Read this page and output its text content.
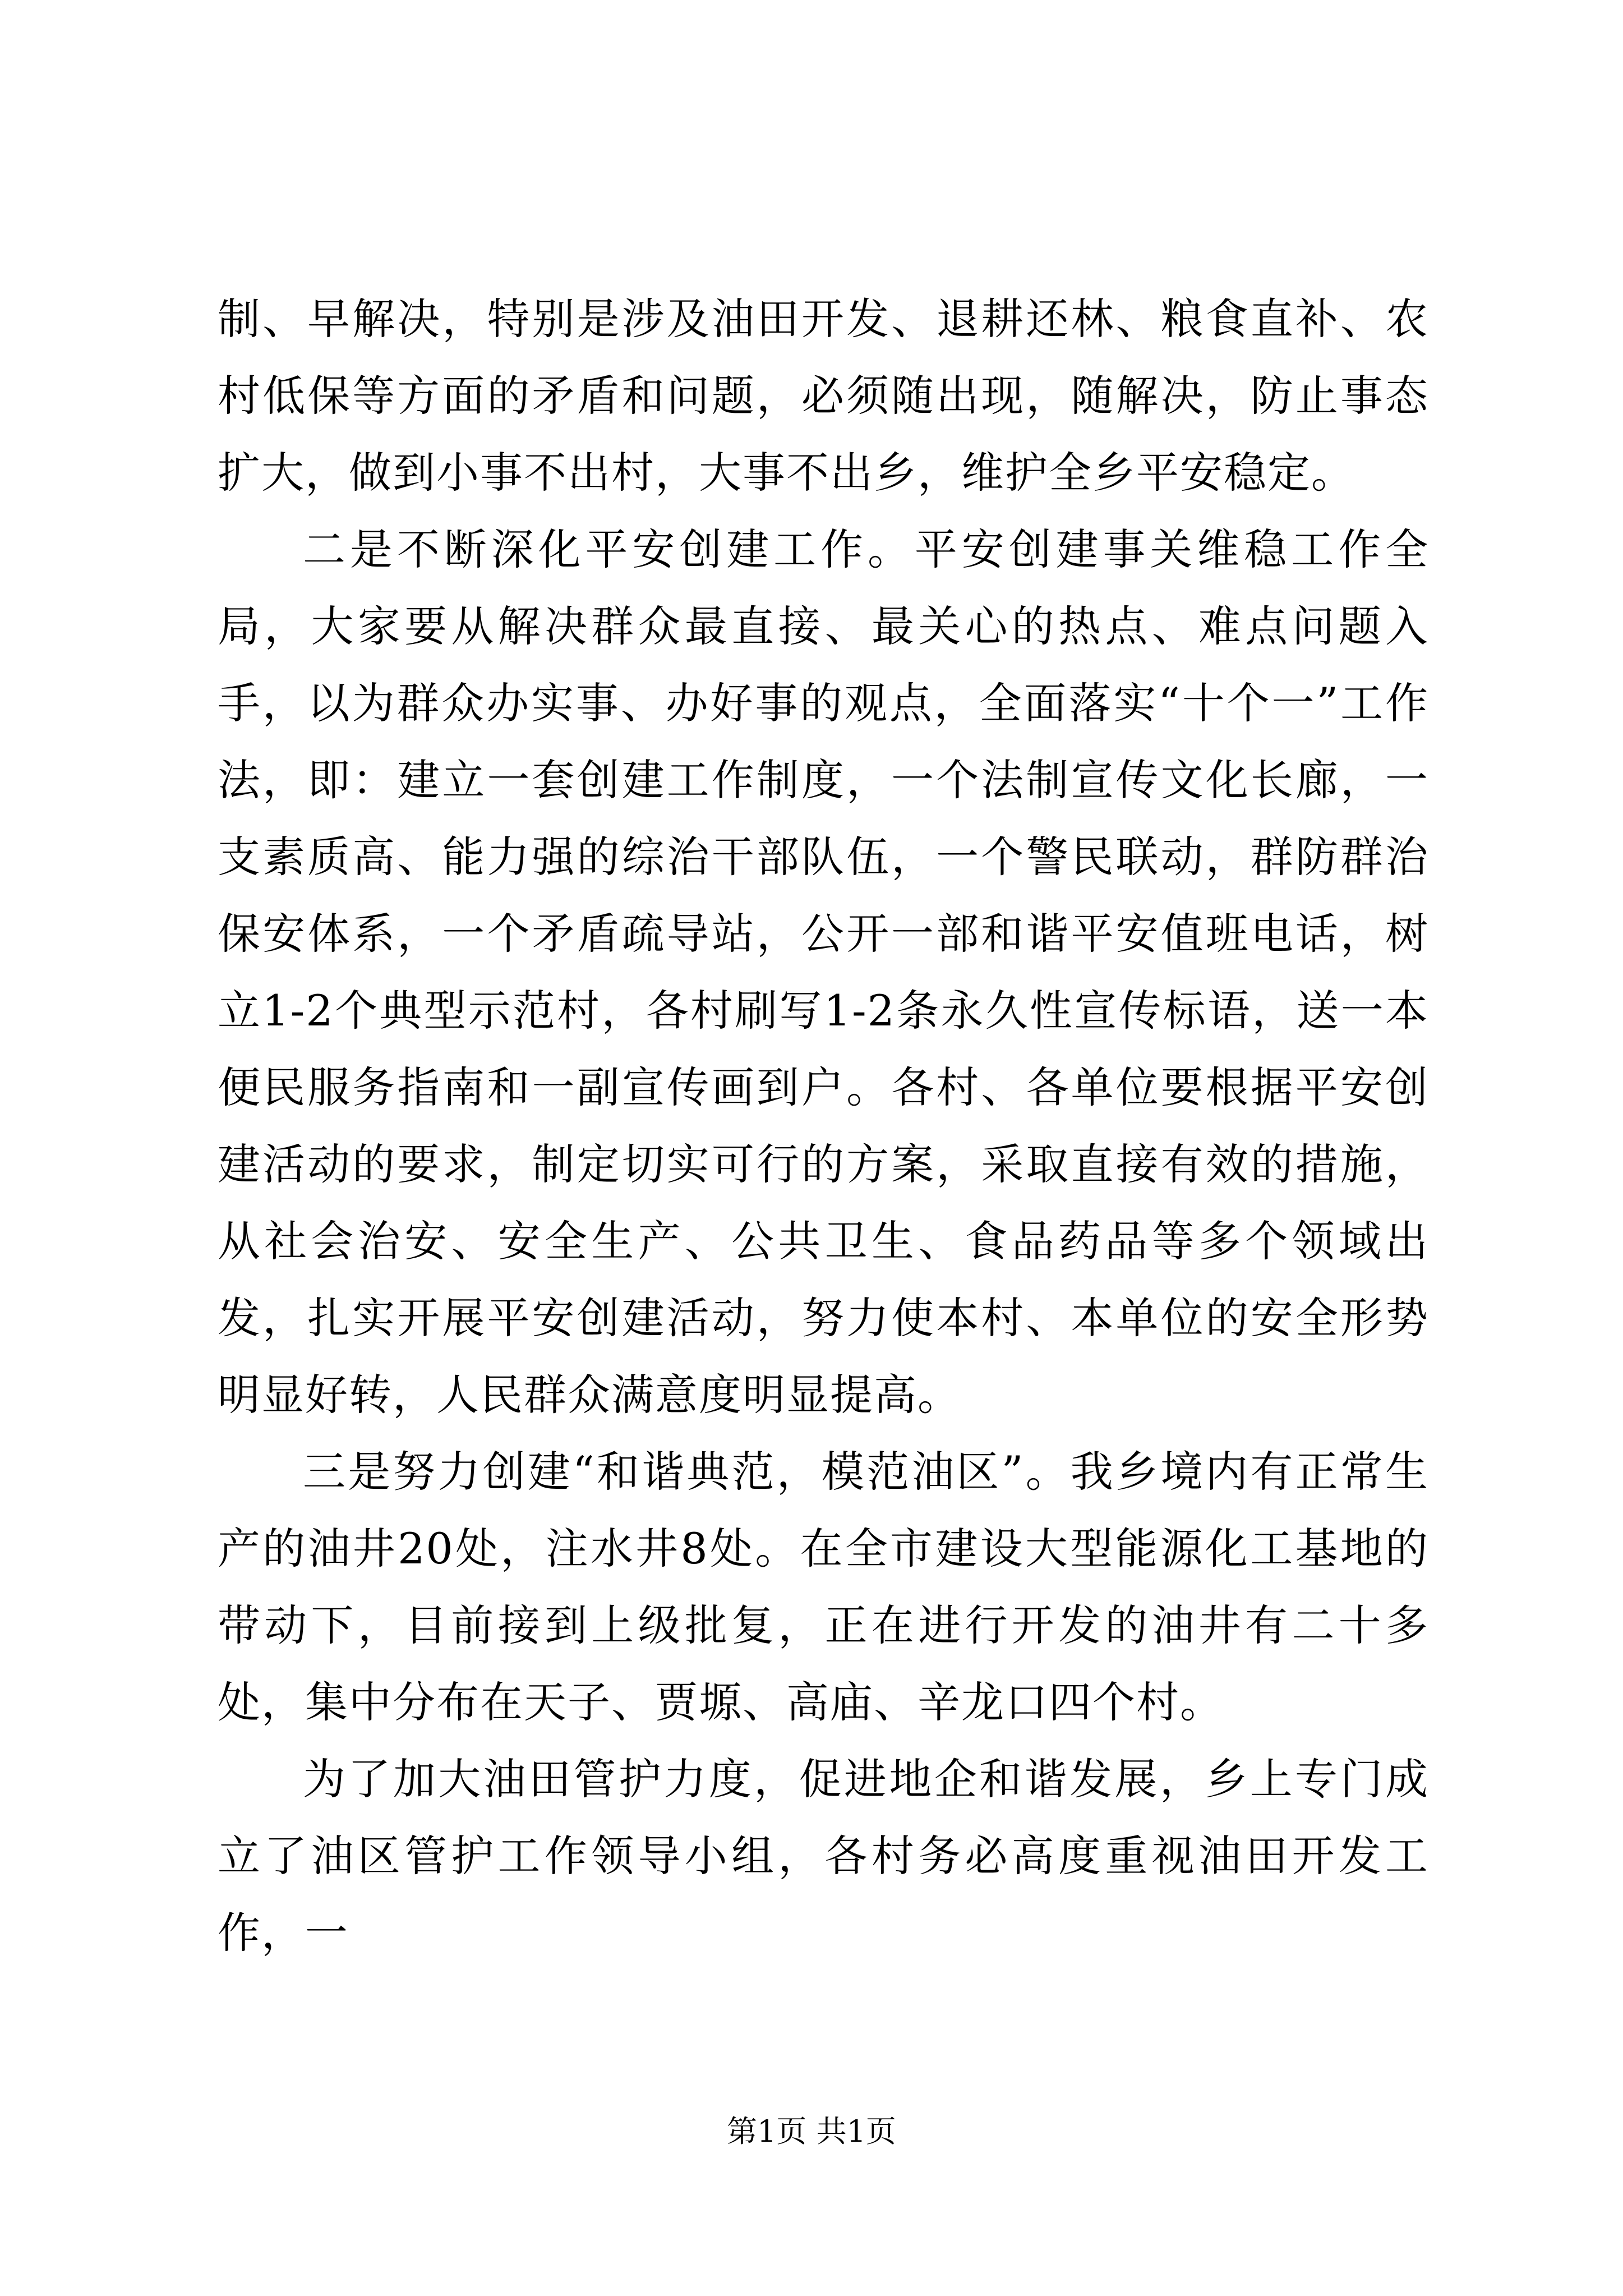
制、早解决，特别是涉及油田开发、退耕还林、粮食直补、农村低保等方面的矛盾和问题，必须随出现，随解决，防止事态扩大，做到小事不出村，大事不出乡，维护全乡平安稳定。

二是不断深化平安创建工作。平安创建事关维稳工作全局，大家要从解决群众最直接、最关心的热点、难点问题入手，以为群众办实事、办好事的观点，全面落实“十个一”工作法，即：建立一套创建工作制度，一个法制宣传文化长廊，一支素质高、能力强的综治干部队伍，一个警民联动，群防群治保安体系，一个矛盾疏导站，公开一部和谐平安值班电话，树立1-2个典型示范村，各村刷写1-2条永久性宣传标语，送一本便民服务指南和一副宣传画到户。各村、各单位要根据平安创建活动的要求，制定切实可行的方案，采取直接有效的措施，从社会治安、安全生产、公共卫生、食品药品等多个领域出发，扎实开展平安创建活动，努力使本村、本单位的安全形势明显好转，人民群众满意度明显提高。

三是努力创建“和谐典范，模范油区”。我乡境内有正常生产的油井20处，注水井8处。在全市建设大型能源化工基地的带动下，目前接到上级批复，正在进行开发的油井有二十多处，集中分布在天子、贾塬、高庙、辛龙口四个村。

为了加大油田管护力度，促进地企和谐发展，乡上专门成立了油区管护工作领导小组，各村务必高度重视油田开发工作，一

第1页 共1页
